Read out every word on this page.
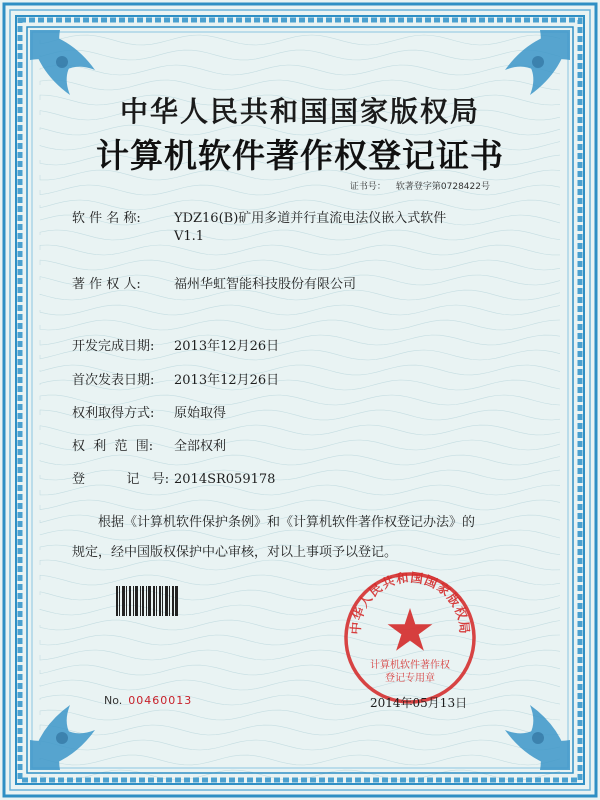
中华人民共和国国家版权局
计算机软件著作权登记证书
证书号： 软著登字第0728422号
软 件 名 称:	YDZ16(B)矿用多道并行直流电法仪嵌入式软件
V1.1
著 作 权 人:	福州华虹智能科技股份有限公司
开发完成日期: 2013年12月26日
首次发表日期: 2013年12月26日
权利取得方式: 原始取得
权  利  范  围: 全部权利
登          记   号: 2014SR059178
根据《计算机软件保护条例》和《计算机软件著作权登记办法》的
规定，经中国版权保护中心审核，对以上事项予以登记。
No. 00460013
中华人民共和国国家版权局
计算机软件著作权
登记专用章
2014年05月13日
